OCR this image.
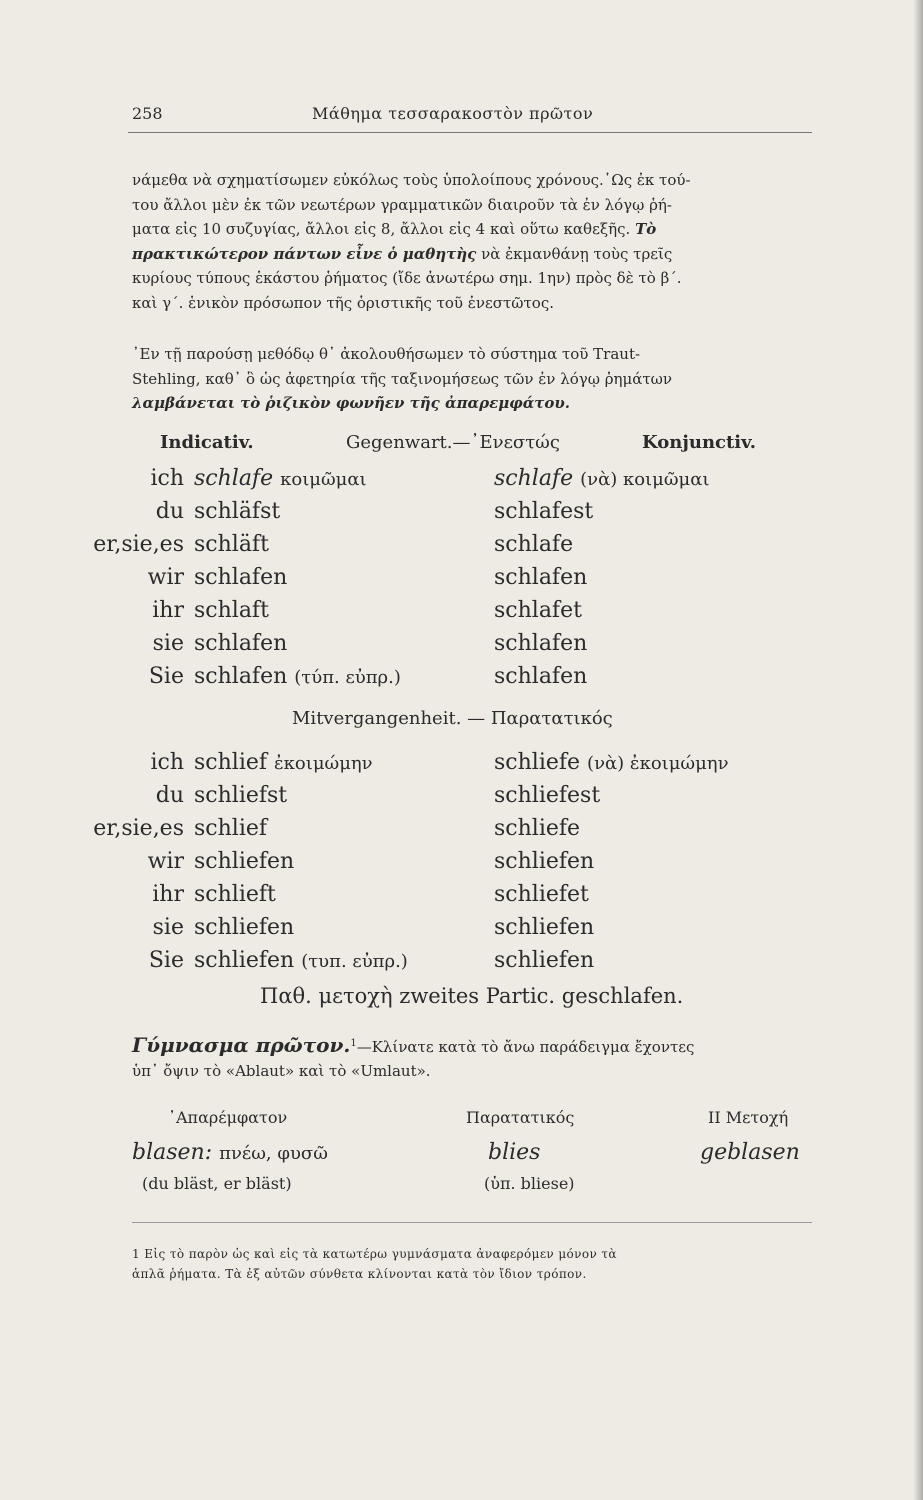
258	Μάθημα τεσσαρακοστὸν πρῶτον

νάμεθα νὰ σχηματίσωμεν εὐκόλως τοὺς ὑπολοίπους χρόνους.῾Ως ἐκ τού-
του ἄλλοι μὲν ἐκ τῶν νεωτέρων γραμματικῶν διαιροῦν τὰ ἐν λόγῳ ῥή-
ματα εἰς 10 συζυγίας, ἄλλοι εἰς 8, ἄλλοι εἰς 4 καὶ οὕτω καθεξῆς. Τὸ
πρακτικώτερον πάντων εἶνε ὁ μαθητὴς νὰ ἐκμανθάνῃ τοὺς τρεῖς
κυρίους τύπους ἑκάστου ῥήματος (ἴδε ἀνωτέρω σημ. 1ην) πρὸς δὲ τὸ β΄.
καὶ γ΄. ἑνικὸν πρόσωπον τῆς ὁριστικῆς τοῦ ἐνεστῶτος.

᾿Εν τῇ παρούσῃ μεθόδῳ θ᾿ ἀκολουθήσωμεν τὸ σύστημα τοῦ Traut-
Stehling, καθ᾿ ὃ ὡς ἀφετηρία τῆς ταξινομήσεως τῶν ἐν λόγῳ ῥημάτων
λαμβάνεται τὸ ῥιζικὸν φωνῆεν τῆς ἀπαρεμφάτου.

Indicativ.	Gegenwart.—᾿Ενεστώς	Konjunctiv.
ich schlafe κοιμῶμαι	schlafe (νὰ) κοιμῶμαι
du schläfst	schlafest
er,sie,es schläft	schlafe
wir schlafen	schlafen
ihr schlaft	schlafet
sie schlafen	schlafen
Sie schlafen (τύπ. εὐπρ.)	schlafen
Mitvergangenheit. — Παρατατικός
ich schlief ἐκοιμώμην	schliefe (νὰ) ἐκοιμώμην
du schliefst	schliefest
er,sie,es schlief	schliefe
wir schliefen	schliefen
ihr schlieft	schliefet
sie schliefen	schliefen
Sie schliefen (τυπ. εὐπρ.)	schliefen
Παθ. μετοχὴ zweites Partic. geschlafen.
Γύμνασμα πρῶτον.$^1$—Κλίνατε κατὰ τὸ ἄνω παράδειγμα ἔχοντες
ὑπ᾿ ὄψιν τὸ «Ablaut» καὶ τὸ «Umlaut».
᾿Απαρέμφατον	Παρατατικός	II Μετοχή
blasen: πνέω, φυσῶ	blies	geblasen
(du bläst, er bläst)	(ὑπ. bliese)
1 Εἰς τὸ παρὸν ὡς καὶ εἰς τὰ κατωτέρω γυμνάσματα ἀναφερόμεν μόνον τὰ
ἁπλᾶ ῥήματα. Τὰ ἐξ αὐτῶν σύνθετα κλίνονται κατὰ τὸν ἴδιον τρόπον.
